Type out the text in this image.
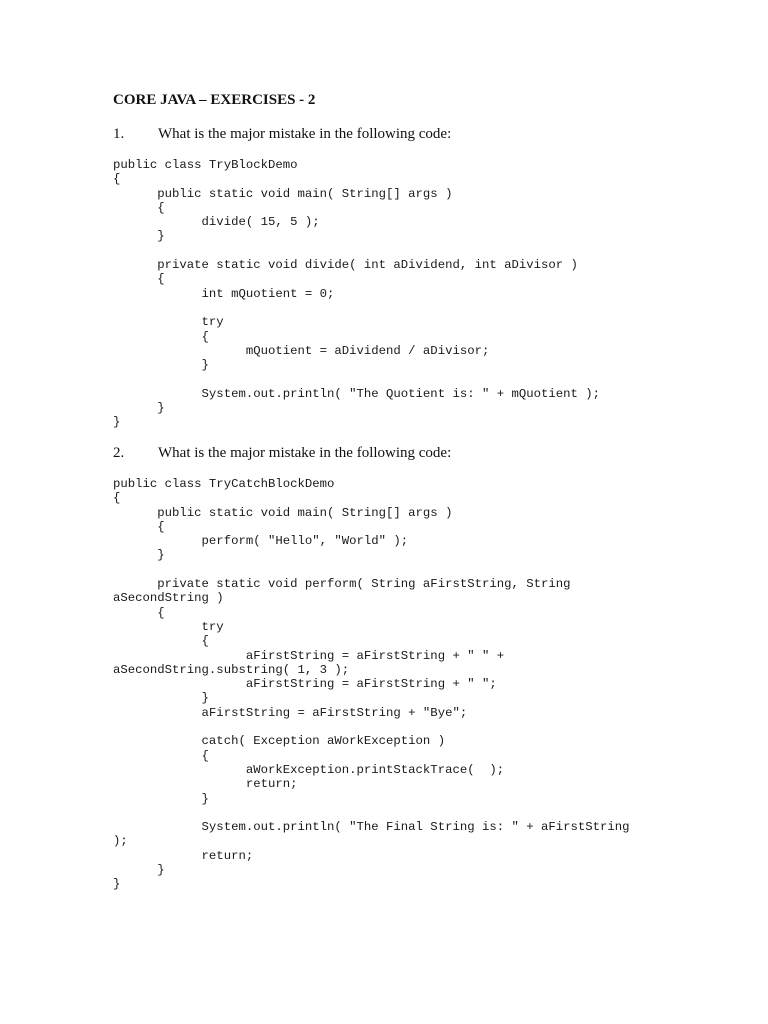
CORE JAVA – EXERCISES - 2
1. What is the major mistake in the following code:
public class TryBlockDemo
{
public static void main( String[] args )
{
divide( 15, 5 );
}
private static void divide( int aDividend, int aDivisor )
{
int mQuotient = 0;
try
{
mQuotient = aDividend / aDivisor;
}
System.out.println( "The Quotient is: " + mQuotient );
}
}
2. What is the major mistake in the following code:
public class TryCatchBlockDemo
{
public static void main( String[] args )
{
perform( "Hello", "World" );
}
private static void perform( String aFirstString, String
aSecondString )
{
try
{
aFirstString = aFirstString + " " +
aSecondString.substring( 1, 3 );
aFirstString = aFirstString + " ";
}
aFirstString = aFirstString + "Bye";
catch( Exception aWorkException )
{
aWorkException.printStackTrace(  );
return;
}
System.out.println( "The Final String is: " + aFirstString
);
return;
}
}
